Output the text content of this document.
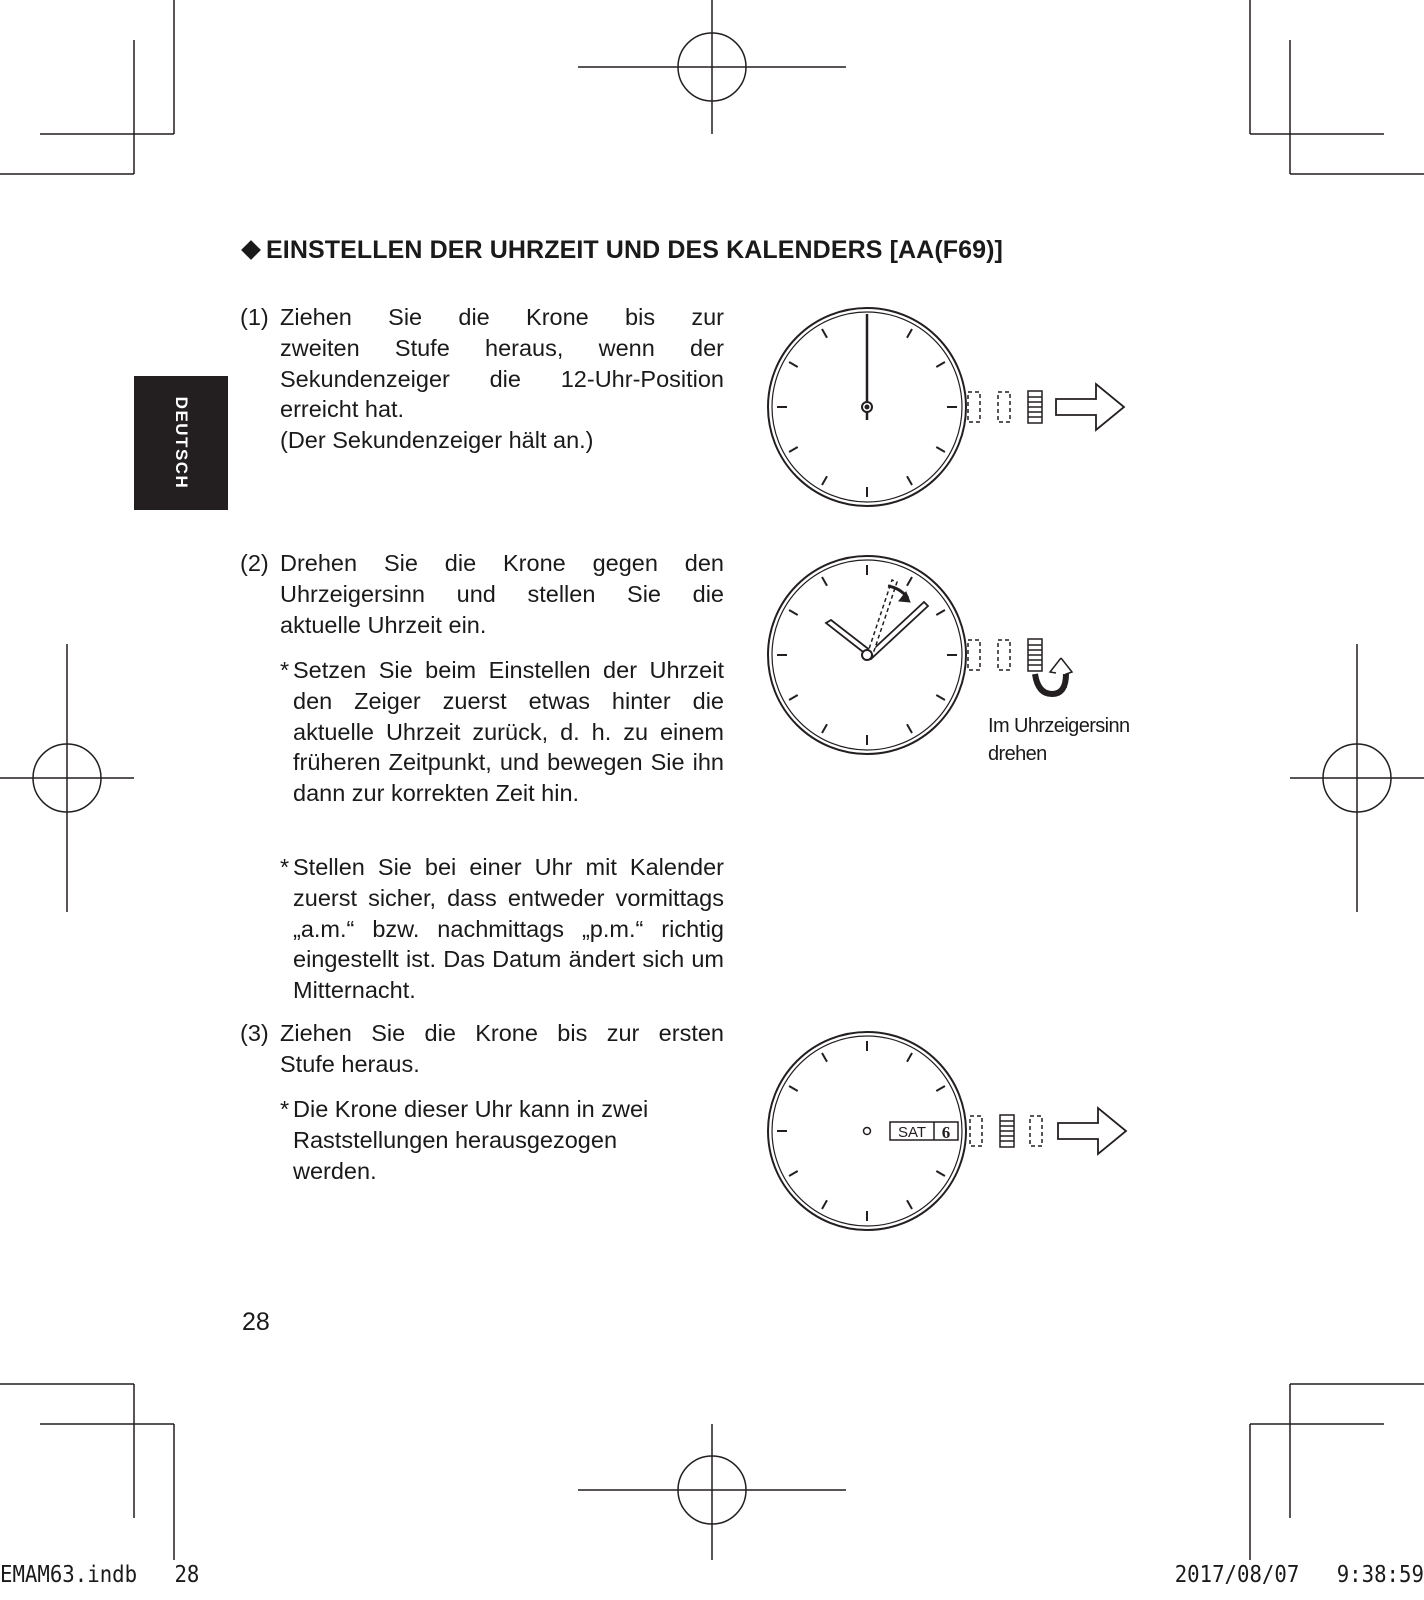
EINSTELLEN DER UHRZEIT UND DES KALENDERS [AA(F69)]
DEUTSCH
(1) Ziehen Sie die Krone bis zur
zweiten Stufe heraus, wenn der
Sekundenzeiger die 12-Uhr-Position
erreicht hat.
(Der Sekundenzeiger hält an.)
(2) Drehen Sie die Krone gegen den
Uhrzeigersinn und stellen Sie die
aktuelle Uhrzeit ein.
* Setzen Sie beim Einstellen der Uhrzeit den Zeiger zuerst etwas hinter die aktuelle Uhrzeit zurück, d. h. zu einem früheren Zeitpunkt, und bewegen Sie ihn dann zur korrekten Zeit hin.
* Stellen Sie bei einer Uhr mit Kalender zuerst sicher, dass entweder vormittags „a.m.“ bzw. nachmittags „p.m.“ richtig eingestellt ist. Das Datum ändert sich um Mitternacht.
(3) Ziehen Sie die Krone bis zur ersten
Stufe heraus.
* Die Krone dieser Uhr kann in zwei Raststellungen herausgezogen werden.
Im Uhrzeigersinn
drehen
SAT 6
28
EMAM63.indb   28	2017/08/07   9:38:59
